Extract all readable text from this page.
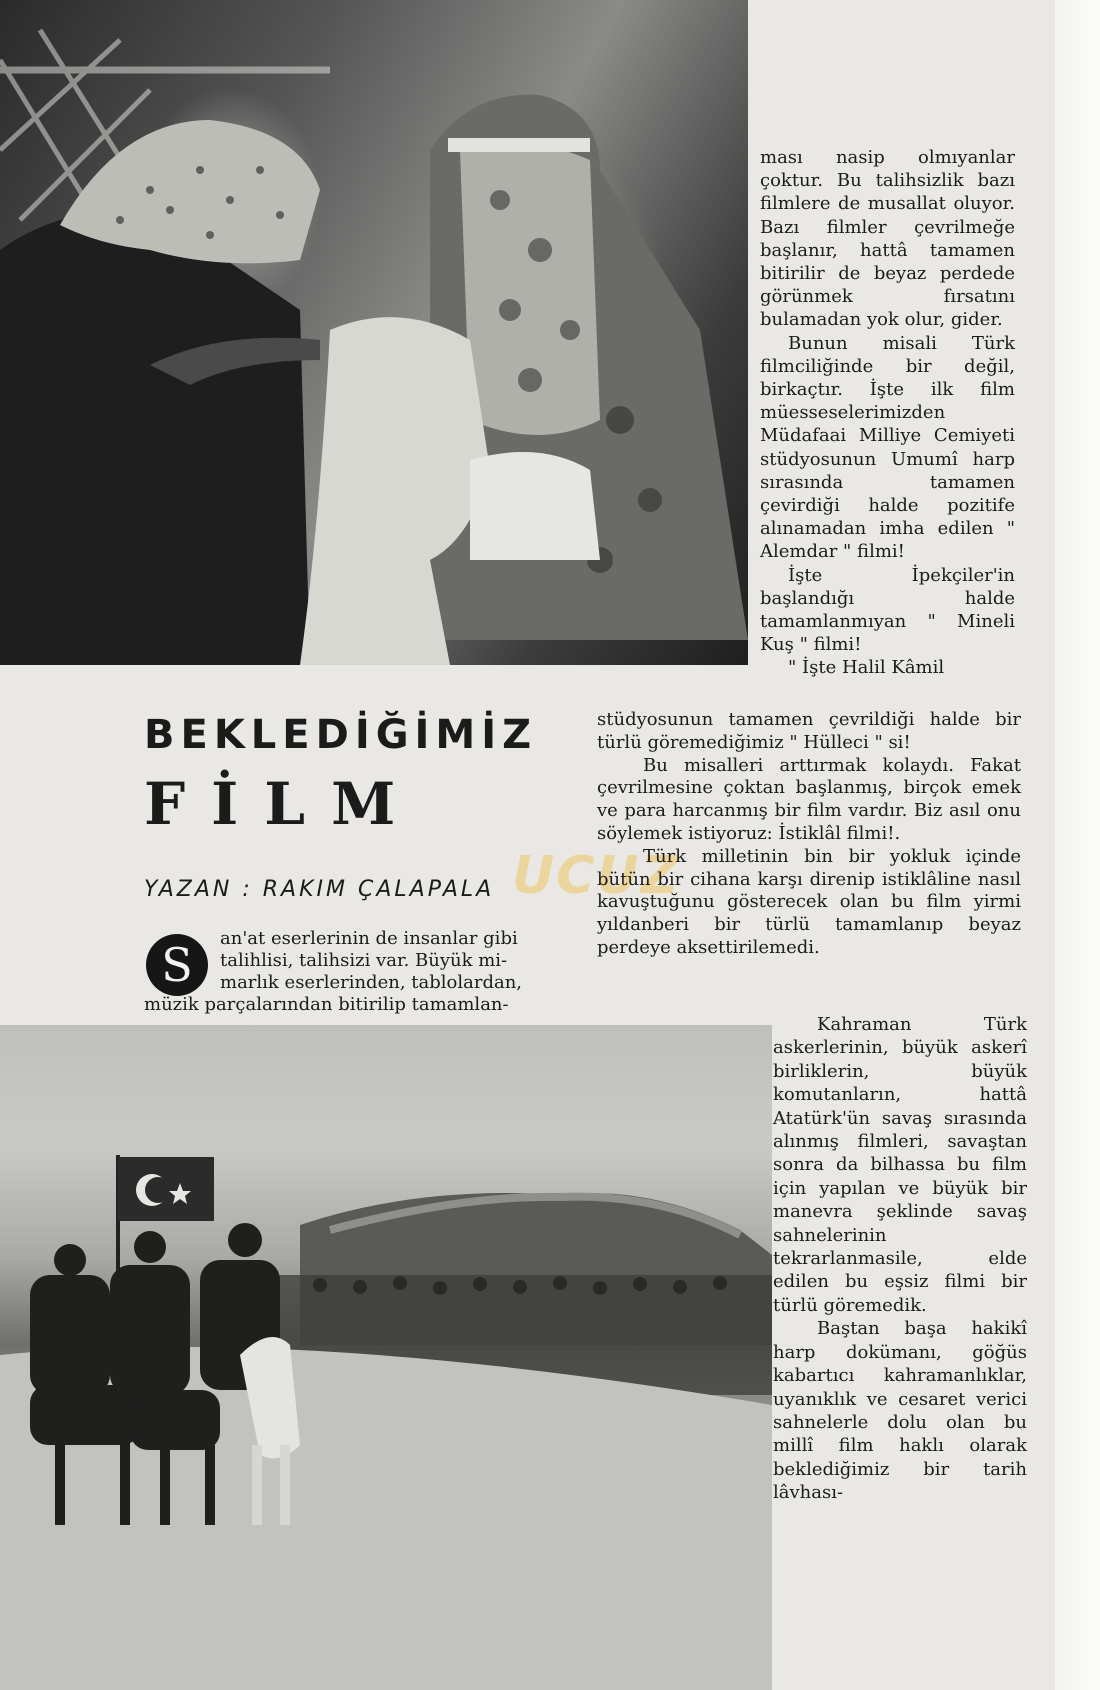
BEKLEDİĞİMİZ
FİLM
YAZAN : RAKIM ÇALAPALA UCUZ
S	an'at eserlerinin de insanlar gibi
talihlisi, talihsizi var. Büyük mi-
marlık eserlerinden, tablolardan,
müzik parçalarından bitirilip tamamlan-

ması nasip olmıyanlar çoktur. Bu talihsizlik bazı filmlere de musallat oluyor. Bazı filmler çevrilmeğe başlanır, hattâ tamamen bitirilir de beyaz perdede görünmek fırsatını bulamadan yok olur, gider.

Bunun misali Türk filmciliğinde bir değil, birkaçtır. İşte ilk film müesseselerimizden Müdafaai Milliye Cemiyeti stüdyosunun Umumî harp sırasında tamamen çevirdiği halde pozitife alınamadan imha edilen " Alemdar " filmi!

İşte İpekçiler'in başlandığı halde tamamlanmıyan " Mineli Kuş " filmi!

" İşte Halil Kâmil

stüdyosunun tamamen çevrildiği halde bir türlü göremediğimiz " Hülleci " si!

Bu misalleri arttırmak kolaydı. Fakat çevrilmesine çoktan başlanmış, birçok emek ve para harcanmış bir film vardır. Biz asıl onu söylemek istiyoruz: İstiklâl filmi!.

Türk milletinin bin bir yokluk içinde bütün bir cihana karşı direnip istiklâline nasıl kavuştuğunu gösterecek olan bu film yirmi yıldanberi bir türlü tamamlanıp beyaz perdeye aksettirilemedi.

Kahraman Türk askerlerinin, büyük askerî birliklerin, büyük komutanların, hattâ Atatürk'ün savaş sırasında alınmış filmleri, savaştan sonra da bilhassa bu film için yapılan ve büyük bir manevra şeklinde savaş sahnelerinin tekrarlanmasile, elde edilen bu eşsiz filmi bir türlü göremedik.

Baştan başa hakikî harp dokümanı, göğüs kabartıcı kahramanlıklar, uyanıklık ve cesaret verici sahnelerle dolu olan bu millî film haklı olarak beklediğimiz bir tarih lâvhası-
